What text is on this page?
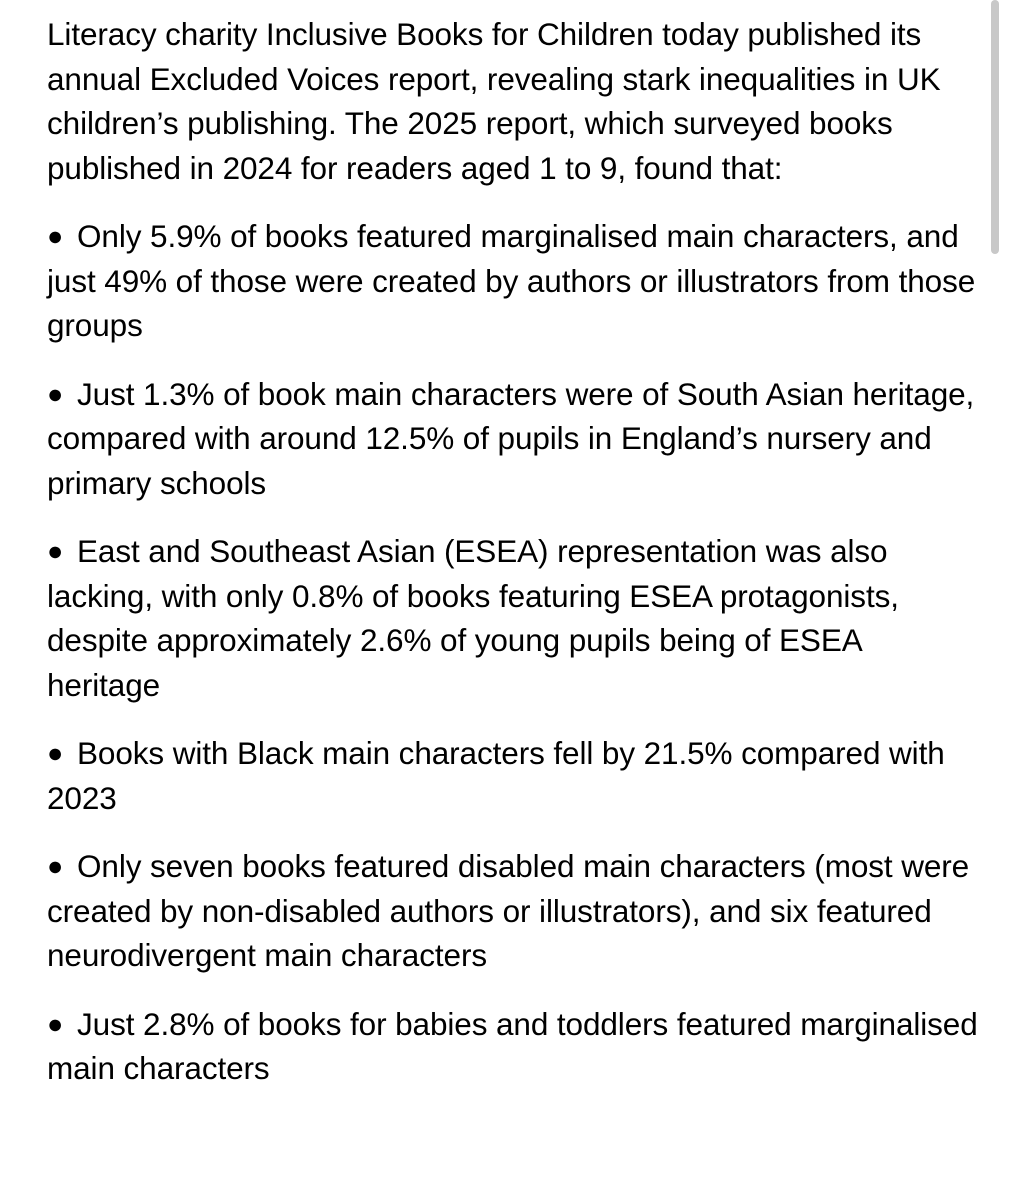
Literacy charity Inclusive Books for Children today published its annual Excluded Voices report, revealing stark inequalities in UK children’s publishing. The 2025 report, which surveyed books published in 2024 for readers aged 1 to 9, found that:

● Only 5.9% of books featured marginalised main characters, and just 49% of those were created by authors or illustrators from those groups

● Just 1.3% of book main characters were of South Asian heritage, compared with around 12.5% of pupils in England’s nursery and primary schools

● East and Southeast Asian (ESEA) representation was also lacking, with only 0.8% of books featuring ESEA protagonists, despite approximately 2.6% of young pupils being of ESEA heritage

● Books with Black main characters fell by 21.5% compared with 2023

● Only seven books featured disabled main characters (most were created by non-disabled authors or illustrators), and six featured neurodivergent main characters

● Just 2.8% of books for babies and toddlers featured marginalised main characters
